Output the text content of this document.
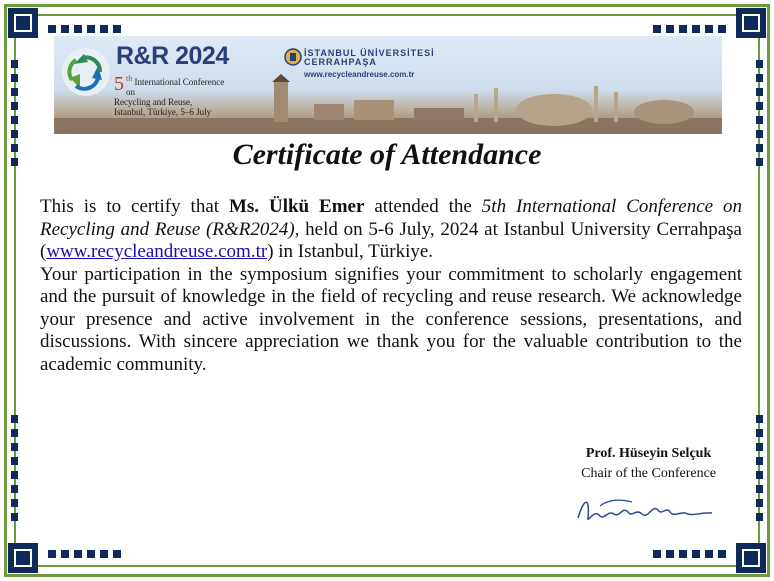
R&R 2024
5 $^{th}$ International Conference on
Recycling and Reuse,
Istanbul, Türkiye, 5–6 July
İSTANBUL ÜNİVERSİTESİ
CERRAHPAŞA
www.recycleandreuse.com.tr
Certificate of Attendance

This is to certify that Ms. Ülkü Emer attended the 5th International Conference on Recycling and Reuse (R&R2024), held on 5-6 July, 2024 at Istanbul University Cerrahpaşa (www.recycleandreuse.com.tr) in Istanbul, Türkiye.

Your participation in the symposium signifies your commitment to scholarly engagement and the pursuit of knowledge in the field of recycling and reuse research. We acknowledge your presence and active involvement in the conference sessions, presentations, and discussions. With sincere appreciation we thank you for the valuable contribution to the academic community.

Prof. Hüseyin Selçuk
Chair of the Conference
